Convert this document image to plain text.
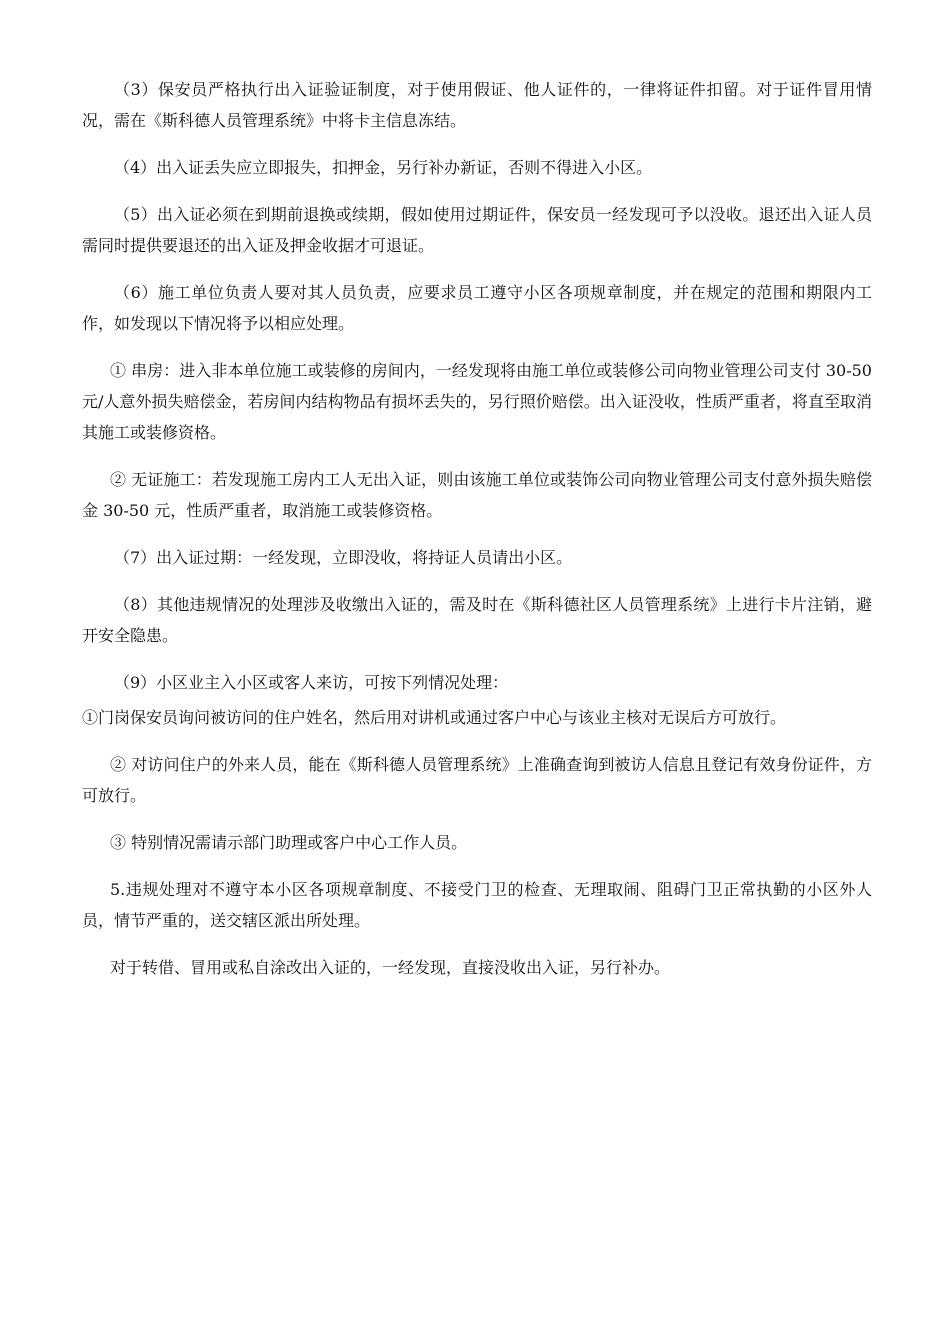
（3）保安员严格执行出入证验证制度，对于使用假证、他人证件的，一律将证件扣留。对于证件冒用情况，需在《斯科德人员管理系统》中将卡主信息冻结。

（4）出入证丢失应立即报失，扣押金，另行补办新证，否则不得进入小区。

（5）出入证必须在到期前退换或续期，假如使用过期证件，保安员一经发现可予以没收。退还出入证人员需同时提供要退还的出入证及押金收据才可退证。

（6）施工单位负责人要对其人员负责，应要求员工遵守小区各项规章制度，并在规定的范围和期限内工作，如发现以下情况将予以相应处理。

① 串房：进入非本单位施工或装修的房间内，一经发现将由施工单位或装修公司向物业管理公司支付 30-50 元/人意外损失赔偿金，若房间内结构物品有损坏丢失的，另行照价赔偿。出入证没收，性质严重者，将直至取消其施工或装修资格。

② 无证施工：若发现施工房内工人无出入证，则由该施工单位或装饰公司向物业管理公司支付意外损失赔偿金 30-50 元，性质严重者，取消施工或装修资格。

（7）出入证过期：一经发现，立即没收，将持证人员请出小区。

（8）其他违规情况的处理涉及收缴出入证的，需及时在《斯科德社区人员管理系统》上进行卡片注销，避开安全隐患。

（9）小区业主入小区或客人来访，可按下列情况处理：

①门岗保安员询问被访问的住户姓名，然后用对讲机或通过客户中心与该业主核对无误后方可放行。

② 对访问住户的外来人员，能在《斯科德人员管理系统》上准确查询到被访人信息且登记有效身份证件，方可放行。

③ 特别情况需请示部门助理或客户中心工作人员。

5.违规处理对不遵守本小区各项规章制度、不接受门卫的检查、无理取闹、阻碍门卫正常执勤的小区外人员，情节严重的，送交辖区派出所处理。

对于转借、冒用或私自涂改出入证的，一经发现，直接没收出入证，另行补办。
